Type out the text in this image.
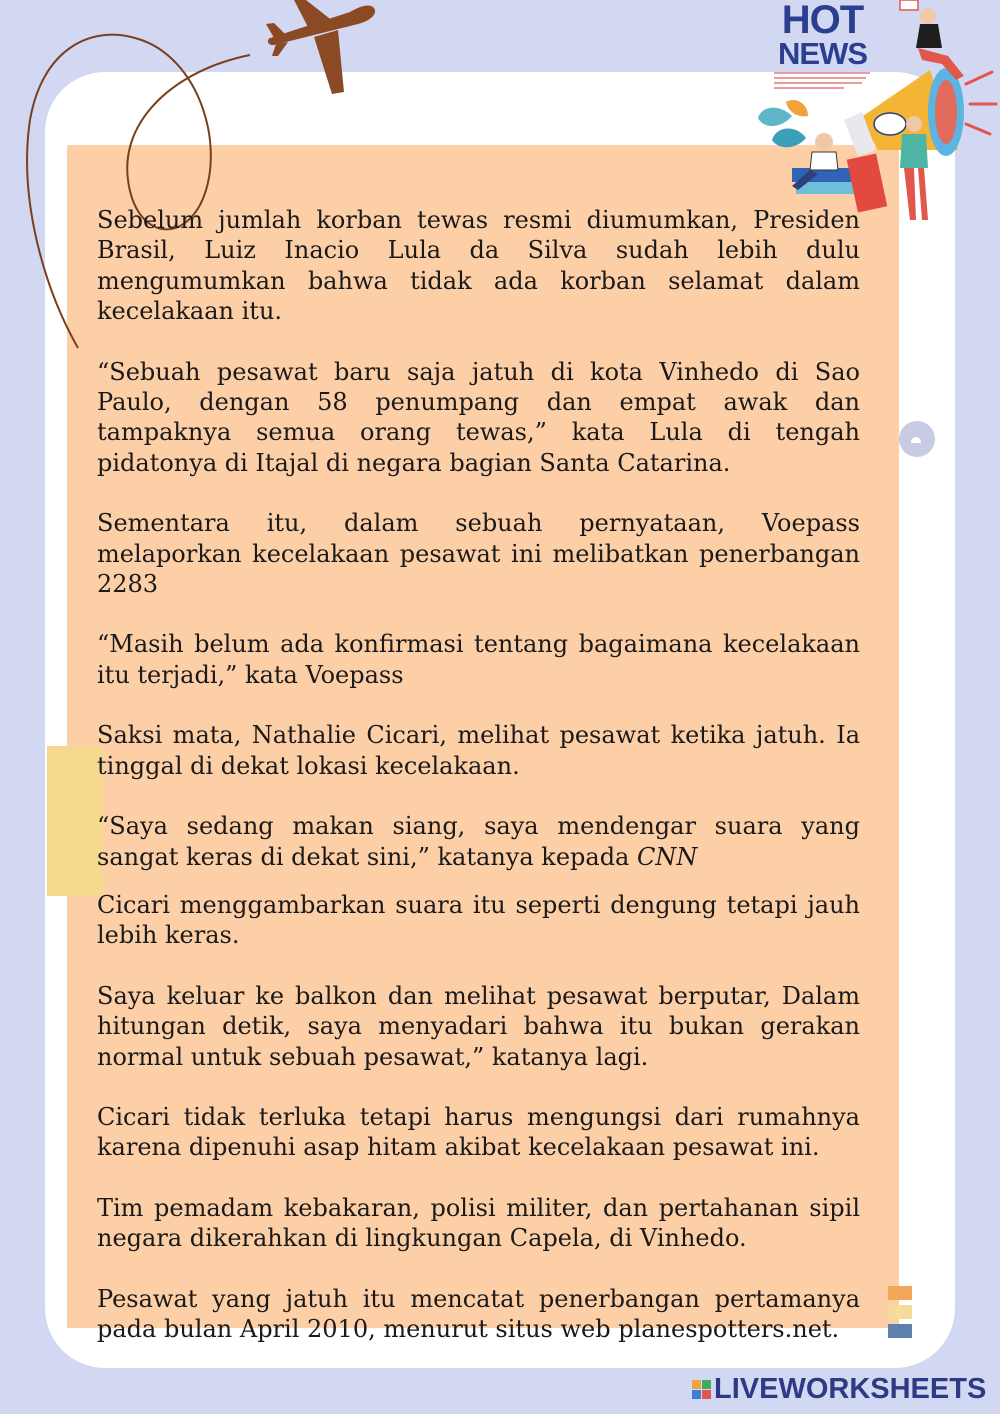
HOT
NEWS

Sebelum jumlah korban tewas resmi diumumkan, Presiden Brasil, Luiz Inacio Lula da Silva sudah lebih dulu mengumumkan bahwa tidak ada korban selamat dalam kecelakaan itu.

“Sebuah pesawat baru saja jatuh di kota Vinhedo di Sao Paulo, dengan 58 penumpang dan empat awak dan tampaknya semua orang tewas,” kata Lula di tengah pidatonya di Itajal di negara bagian Santa Catarina.

Sementara itu, dalam sebuah pernyataan, Voepass melaporkan kecelakaan pesawat ini melibatkan penerbangan 2283

“Masih belum ada konfirmasi tentang bagaimana kecelakaan itu terjadi,” kata Voepass

Saksi mata, Nathalie Cicari, melihat pesawat ketika jatuh. Ia tinggal di dekat lokasi kecelakaan.

“Saya sedang makan siang, saya mendengar suara yang sangat keras di dekat sini,” katanya kepada CNN

Cicari menggambarkan suara itu seperti dengung tetapi jauh lebih keras.

Saya keluar ke balkon dan melihat pesawat berputar, Dalam hitungan detik, saya menyadari bahwa itu bukan gerakan normal untuk sebuah pesawat,” katanya lagi.

Cicari tidak terluka tetapi harus mengungsi dari rumahnya karena dipenuhi asap hitam akibat kecelakaan pesawat ini.

Tim pemadam kebakaran, polisi militer, dan pertahanan sipil negara dikerahkan di lingkungan Capela, di Vinhedo.

Pesawat yang jatuh itu mencatat penerbangan pertamanya pada bulan April 2010, menurut situs web planespotters.net.

LIVEWORKSHEETS
